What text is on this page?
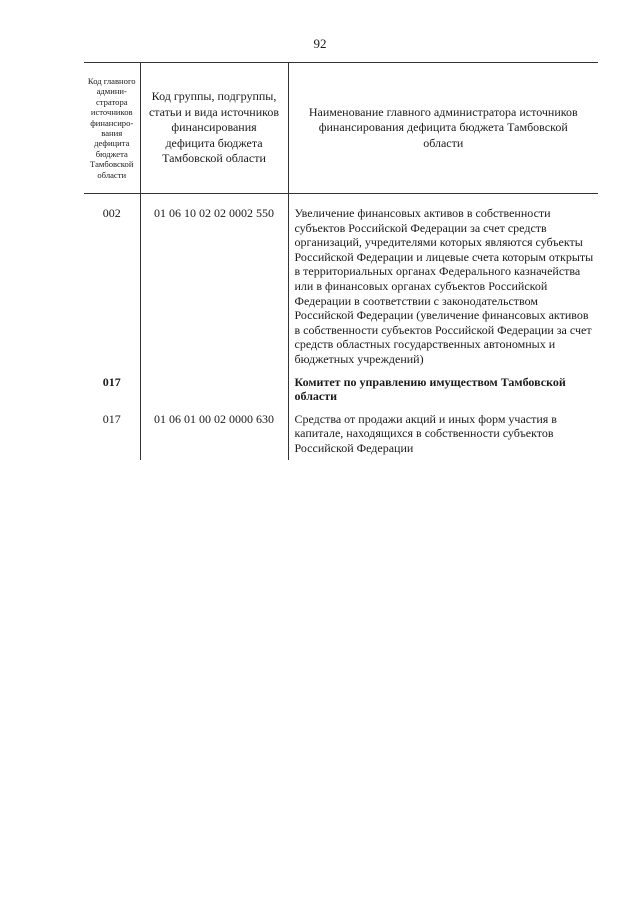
92
Код главного админи-стратора источников финансиро-вания дефицита бюджета Тамбовской области	Код группы, подгруппы, статьи и вида источников финансирования дефицита бюджета Тамбовской области	Наименование главного администратора источников финансирования дефицита бюджета Тамбовской области
002	01 06 10 02 02 0002 550	Увеличение финансовых активов в собственности субъектов Российской Федерации за счет средств организаций, учредителями которых являются субъекты Российской Федерации и лицевые счета которым открыты в территориальных органах Федерального казначейства или в финансовых органах субъектов Российской Федерации в соответствии с законодательством Российской Федерации (увеличение финансовых активов в собственности субъектов Российской Федерации за счет средств областных государственных автономных и бюджетных учреждений)
017		Комитет по управлению имуществом Тамбовской области
017	01 06 01 00 02 0000 630	Средства от продажи акций и иных форм участия в капитале, находящихся в собственности субъектов Российской Федерации
